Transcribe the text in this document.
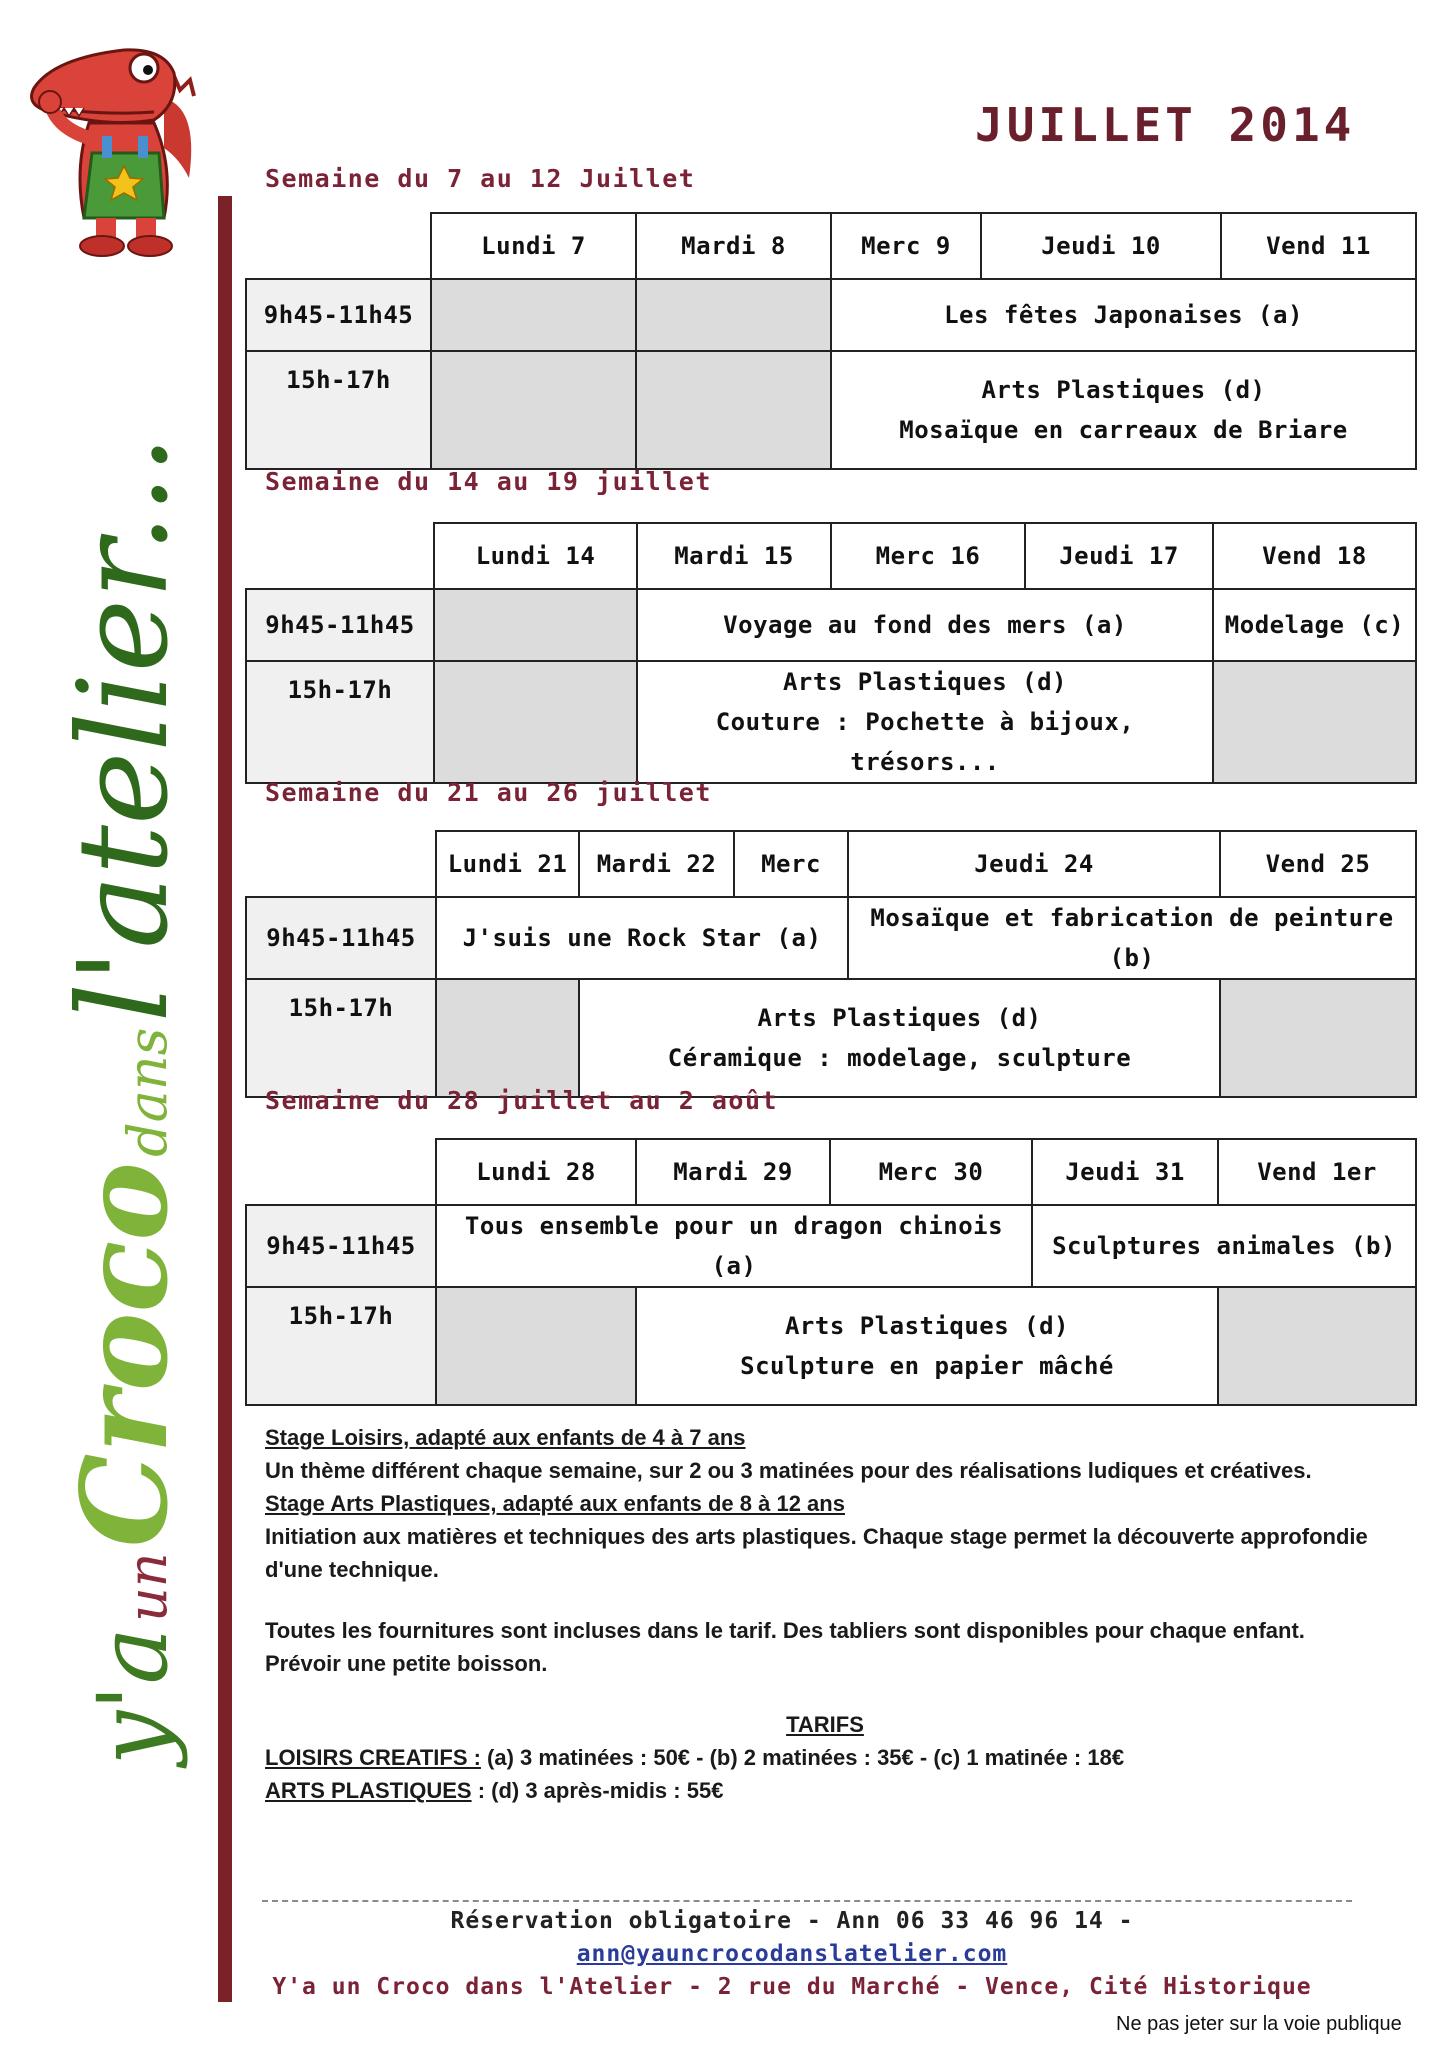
y'a un Croco dans l'atelier...
JUILLET 2014
Semaine du 7 au 12 Juillet
	Lundi 7	Mardi 8	Merc 9	Jeudi 10	Vend 11
9h45-11h45			Les fêtes Japonaises (a)		
15h-17h			Arts Plastiques (d)
Mosaïque en carreaux de Briare		
Semaine du 14 au 19 juillet
	Lundi 14	Mardi 15	Merc 16	Jeudi 17	Vend 18
9h45-11h45		Voyage au fond des mers (a)			Modelage (c)
15h-17h		Arts Plastiques (d)
Couture : Pochette à bijoux, trésors...			

Semaine du 21 au 26 juillet
	Lundi 21	Mardi 22	Merc	Jeudi 24	Vend 25
9h45-11h45	J'suis une Rock Star (a)			Mosaïque et fabrication de peinture (b)	
15h-17h		Arts Plastiques (d)
Céramique : modelage, sculpture			

Semaine du 28 juillet au 2 août
	Lundi 28	Mardi 29	Merc 30	Jeudi 31	Vend 1er
9h45-11h45	Tous ensemble pour un dragon chinois (a)			Sculptures animales (b)	
15h-17h		Arts Plastiques (d)
Sculpture en papier mâché			

Stage Loisirs, adapté aux enfants de 4 à 7 ans

Un thème différent chaque semaine, sur 2 ou 3 matinées pour des réalisations ludiques et créatives.

Stage Arts Plastiques, adapté aux enfants de 8 à 12 ans

Initiation aux matières et techniques des arts plastiques. Chaque stage permet la découverte approfondie d'une technique.

Toutes les fournitures sont incluses dans le tarif. Des tabliers sont disponibles pour chaque enfant. Prévoir une petite boisson.

TARIFS

LOISIRS CREATIFS : (a) 3 matinées : 50€ - (b) 2 matinées : 35€ - (c) 1 matinée : 18€

ARTS PLASTIQUES : (d) 3 après-midis : 55€

Réservation obligatoire - Ann 06 33 46 96 14 - ann@yauncrocodanslatelier.com
Y'a un Croco dans l'Atelier - 2 rue du Marché - Vence, Cité Historique
Ne pas jeter sur la voie publique
